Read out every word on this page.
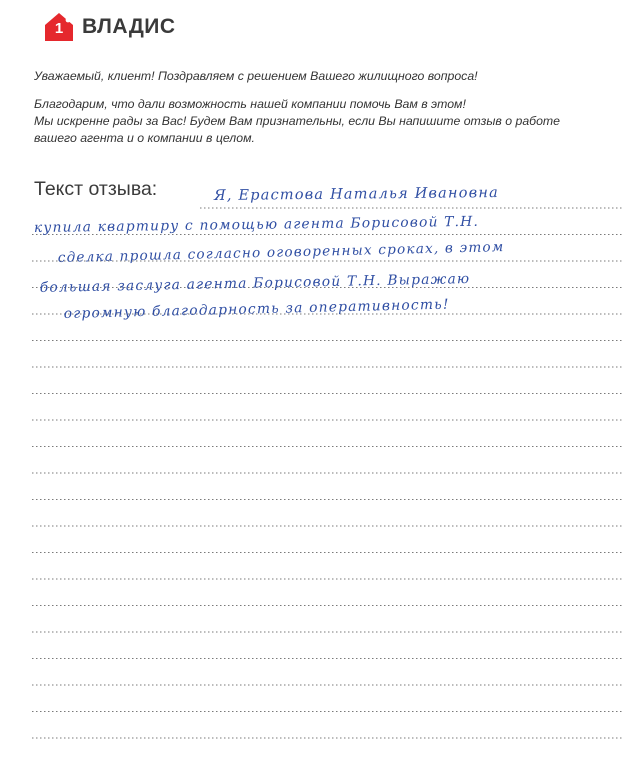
1 ВЛАДИС

Уважаемый, клиент! Поздравляем с решением Вашего жилищного вопроса!

Благодарим, что дали возможность нашей компании помочь Вам в этом!

Мы искренне рады за Вас! Будем Вам признательны, если Вы напишите отзыв о работе

вашего агента и о компании в целом.

Текст отзыва:	Я, Ерастова Наталья Ивановна
купила квартиру с помощью агента Борисовой Т.Н.
сделка прошла согласно оговоренных сроках, в этом
большая заслуга агента Борисовой Т.Н. Выражаю
огромную благодарность за оперативность!
